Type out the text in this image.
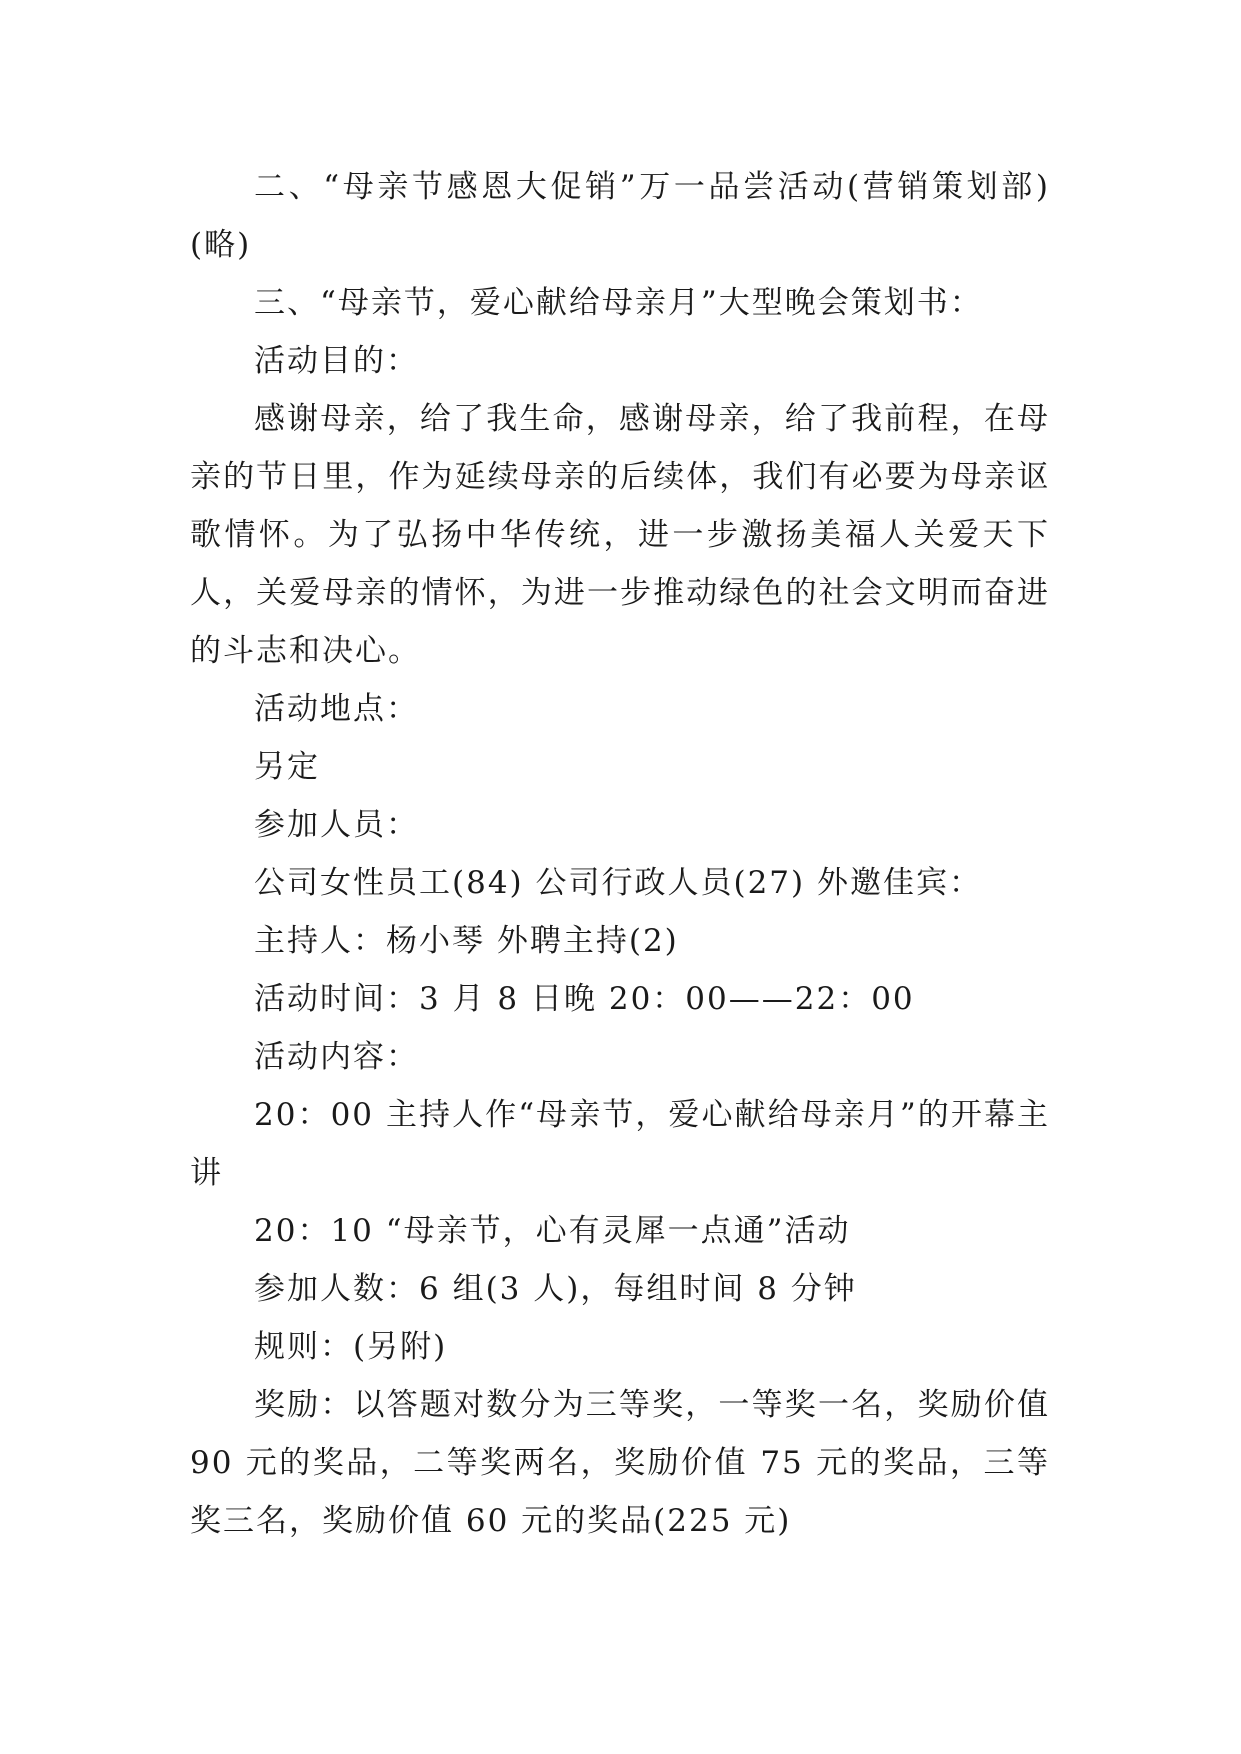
二、“母亲节感恩大促销”万一品尝活动(营销策划部)(略)

三、“母亲节，爱心献给母亲月”大型晚会策划书：

活动目的：

感谢母亲，给了我生命，感谢母亲，给了我前程，在母亲的节日里，作为延续母亲的后续体，我们有必要为母亲讴歌情怀。为了弘扬中华传统，进一步激扬美福人关爱天下人，关爱母亲的情怀，为进一步推动绿色的社会文明而奋进的斗志和决心。

活动地点：

另定

参加人员：

公司女性员工(84) 公司行政人员(27) 外邀佳宾：

主持人：杨小琴 外聘主持(2)

活动时间：3 月 8 日晚 20：00——22：00

活动内容：

20：00 主持人作“母亲节，爱心献给母亲月”的开幕主讲

20：10 “母亲节，心有灵犀一点通”活动

参加人数：6 组(3 人)，每组时间 8 分钟

规则：(另附)

奖励：以答题对数分为三等奖，一等奖一名，奖励价值 90 元的奖品，二等奖两名，奖励价值 75 元的奖品，三等奖三名，奖励价值 60 元的奖品(225 元)
